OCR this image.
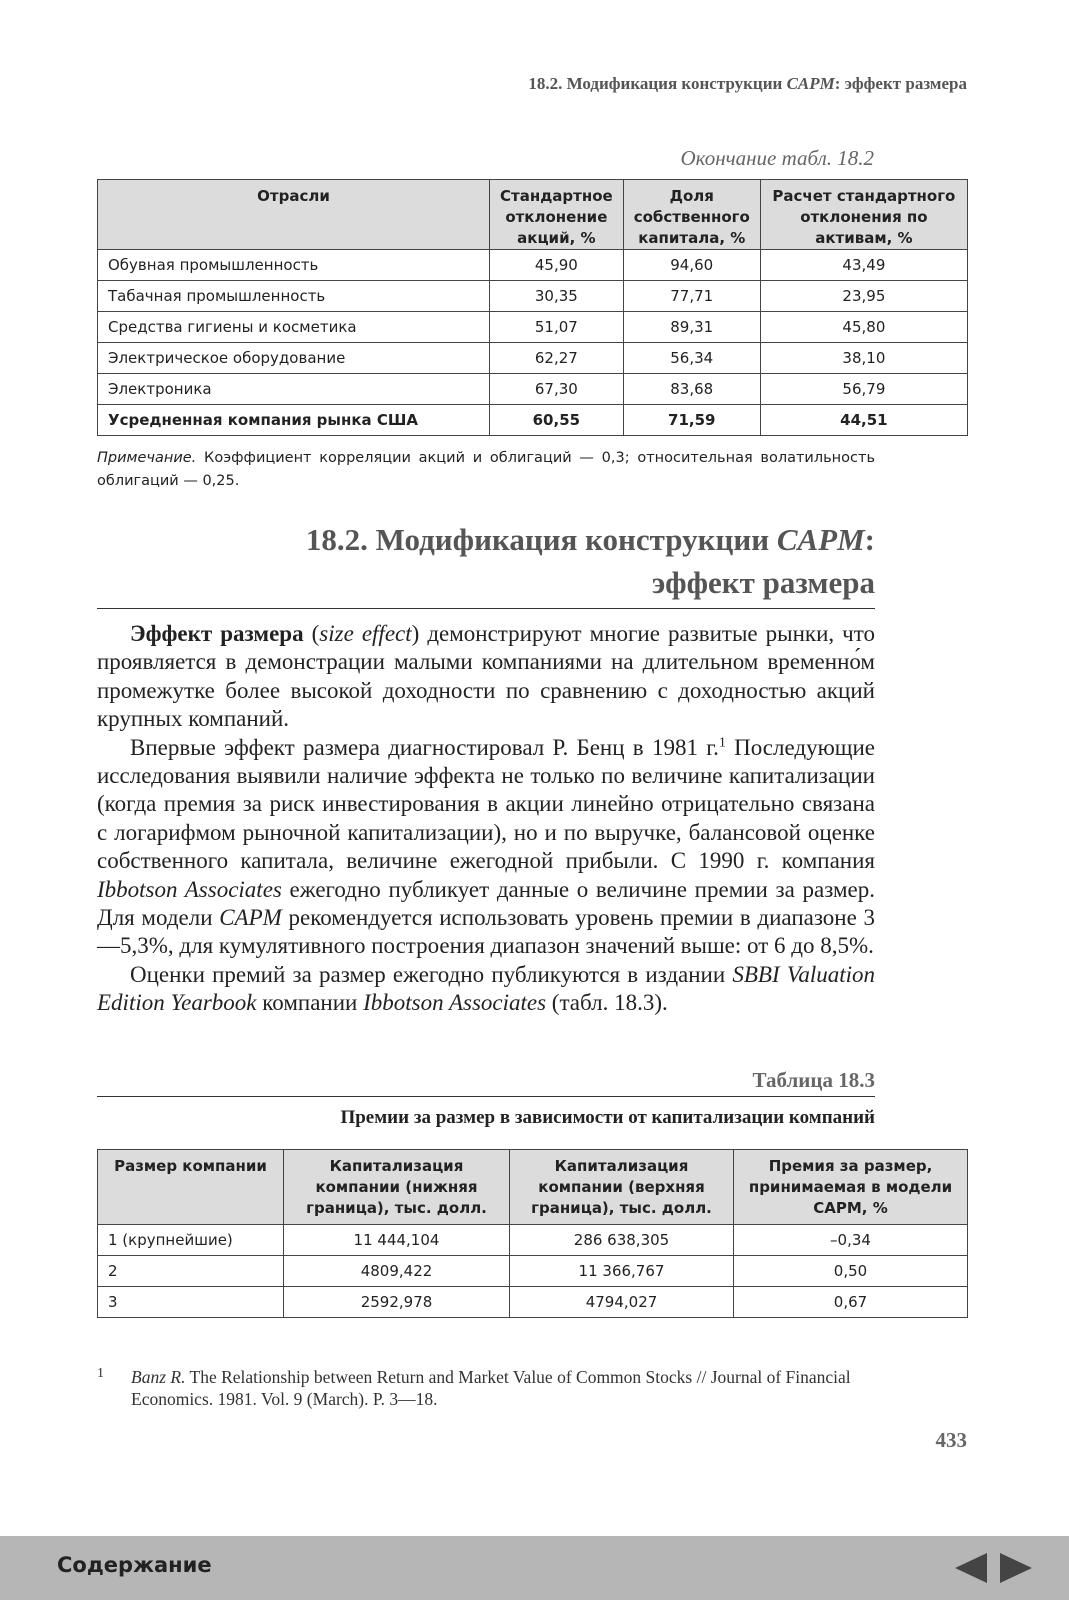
18.2. Модификация конструкции CAPM: эффект размера
Окончание табл. 18.2
Отрасли	Стандартное отклонение акций, %	Доля собственного капитала, %	Расчет стандартного отклонения по активам, %
Обувная промышленность	45,90	94,60	43,49
Табачная промышленность	30,35	77,71	23,95
Средства гигиены и косметика	51,07	89,31	45,80
Электрическое оборудование	62,27	56,34	38,10
Электроника	67,30	83,68	56,79
Усредненная компания рынка США	60,55	71,59	44,51
Примечание. Коэффициент корреляции акций и облигаций — 0,3; относительная волатильность облигаций — 0,25.
18.2. Модификация конструкции CAPM:
эффект размера

Эффект размера (size effect) демонстрируют многие развитые рынки, что проявляется в демонстрации малыми компаниями на длительном временно́м промежутке более высокой доходности по сравнению с доходностью акций крупных компаний.

Впервые эффект размера диагностировал Р. Бенц в 1981 г.$^1$ Последующие исследования выявили наличие эффекта не только по величине капитализации (когда премия за риск инвестирования в акции линейно отрицательно связана с логарифмом рыночной капитализации), но и по выручке, балансовой оценке собственного капитала, величине ежегодной прибыли. С 1990 г. компания Ibbotson Associates ежегодно публикует данные о величине премии за размер. Для модели CAPM рекомендуется использовать уровень премии в диапазоне 3—5,3%, для кумулятивного построения диапазон значений выше: от 6 до 8,5%.

Оценки премий за размер ежегодно публикуются в издании SBBI Valuation Edition Yearbook компании Ibbotson Associates (табл. 18.3).

Таблица 18.3
Премии за размер в зависимости от капитализации компаний
Размер компании	Капитализация компании (нижняя граница), тыс. долл.	Капитализация компании (верхняя граница), тыс. долл.	Премия за размер, принимаемая в модели CAPM, %
1 (крупнейшие)	11 444,104	286 638,305	–0,34
2	4809,422	11 366,767	0,50
3	2592,978	4794,027	0,67
1 Banz R. The Relationship between Return and Market Value of Common Stocks // Journal of Financial Economics. 1981. Vol. 9 (March). P. 3—18.
433
Содержание
